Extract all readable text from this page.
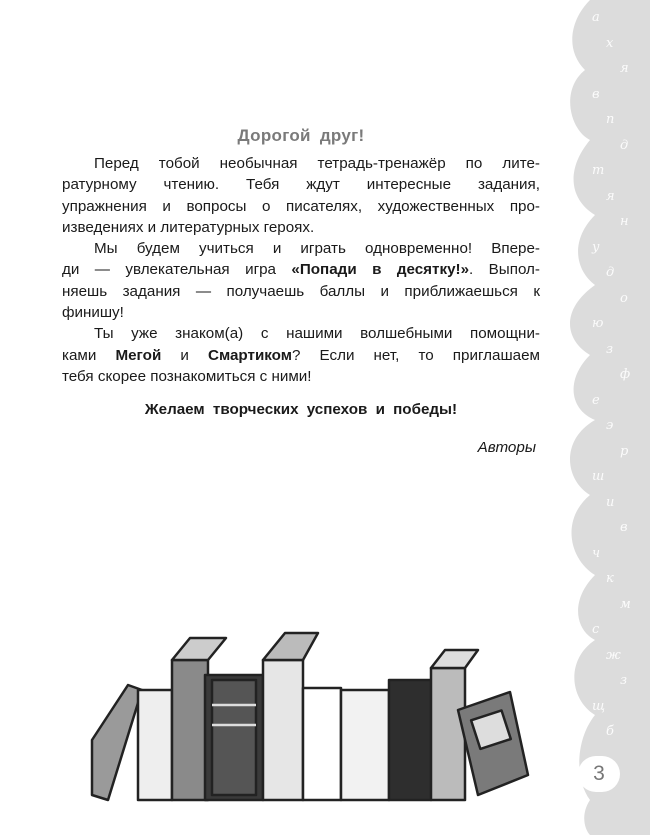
а
х
я
в
п
д
т
я
н
у
д
о
ю
з
ф
е
э
р
ш
и
в
ч
к
м
с
ж
з
щ
б
Дорогой друг!
Перед тобой необычная тетрадь-тренажёр по лите-
ратурному чтению. Тебя ждут интересные задания,
упражнения и вопросы о писателях, художественных про-
изведениях и литературных героях.
Мы будем учиться и играть одновременно! Впере-
ди — увлекательная игра «Попади в десятку!». Выпол-
няешь задания — получаешь баллы и приближаешься к
финишу!
Ты уже знаком(а) с нашими волшебными помощни-
ками Мегой и Смартиком? Если нет, то приглашаем
тебя скорее познакомиться с ними!
Желаем творческих успехов и победы!
Авторы
3
